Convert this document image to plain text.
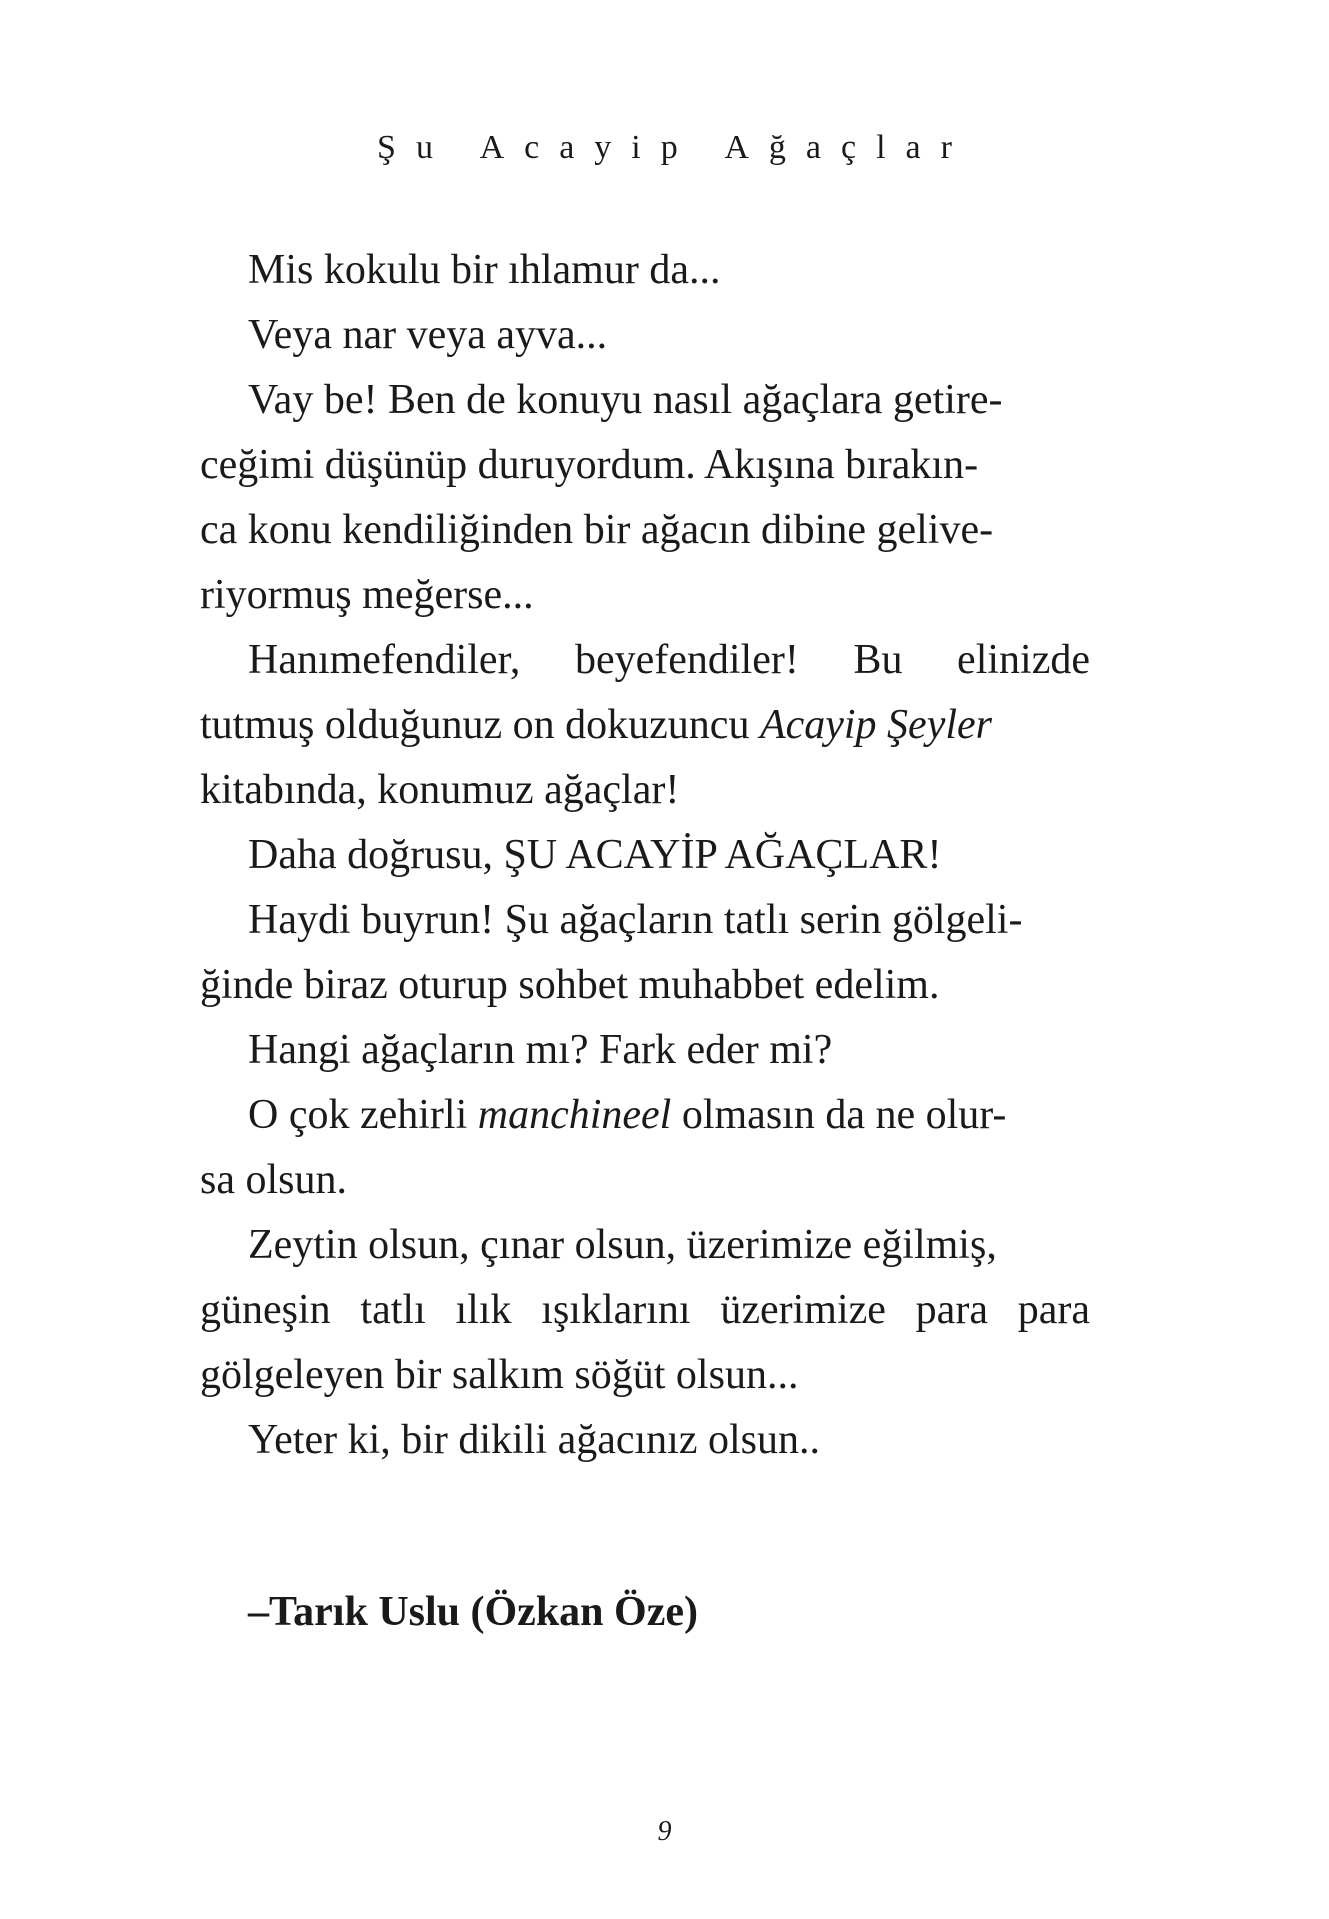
Şu Acayip Ağaçlar
Mis kokulu bir ıhlamur da...
Veya nar veya ayva...
Vay be! Ben de konuyu nasıl ağaçlara getire-
ceğimi düşünüp duruyordum. Akışına bırakın-
ca konu kendiliğinden bir ağacın dibine gelive-
riyormuş meğerse...
Hanımefendiler, beyefendiler! Bu elinizde
tutmuş olduğunuz on dokuzuncu Acayip Şeyler
kitabında, konumuz ağaçlar!
Daha doğrusu, ŞU ACAYİP AĞAÇLAR!
Haydi buyrun! Şu ağaçların tatlı serin gölgeli-
ğinde biraz oturup sohbet muhabbet edelim.
Hangi ağaçların mı? Fark eder mi?
O çok zehirli manchineel olmasın da ne olur-
sa olsun.
Zeytin olsun, çınar olsun, üzerimize eğilmiş,
güneşin tatlı ılık ışıklarını üzerimize para para
gölgeleyen bir salkım söğüt olsun...
Yeter ki, bir dikili ağacınız olsun..
–Tarık Uslu (Özkan Öze)
9
